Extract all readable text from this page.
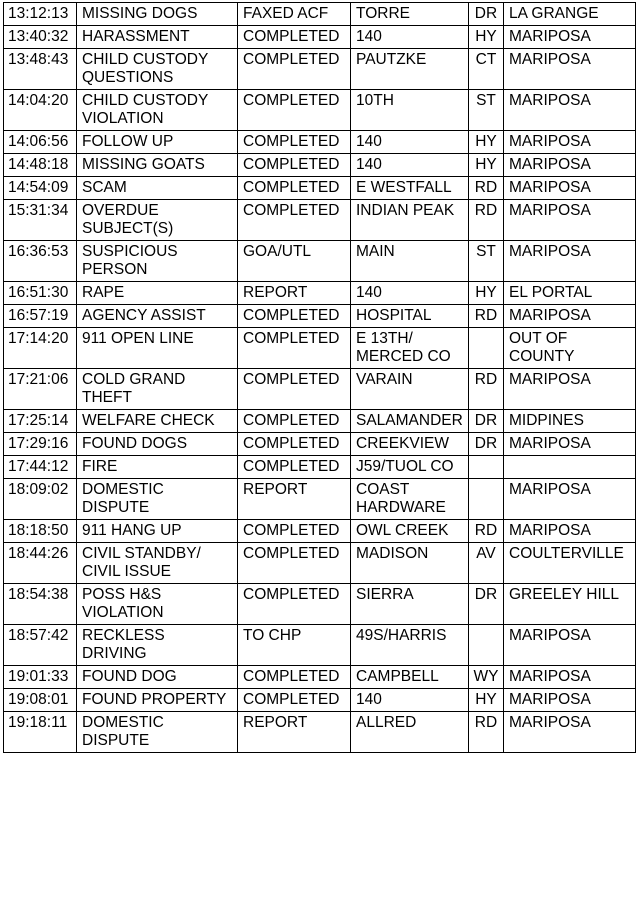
13:12:13	MISSING DOGS	FAXED ACF	TORRE	DR	LA GRANGE
13:40:32	HARASSMENT	COMPLETED	140	HY	MARIPOSA
13:48:43	CHILD CUSTODY
QUESTIONS	COMPLETED	PAUTZKE	CT	MARIPOSA
14:04:20	CHILD CUSTODY
VIOLATION	COMPLETED	10TH	ST	MARIPOSA
14:06:56	FOLLOW UP	COMPLETED	140	HY	MARIPOSA
14:48:18	MISSING GOATS	COMPLETED	140	HY	MARIPOSA
14:54:09	SCAM	COMPLETED	E WESTFALL	RD	MARIPOSA
15:31:34	OVERDUE
SUBJECT(S)	COMPLETED	INDIAN PEAK	RD	MARIPOSA
16:36:53	SUSPICIOUS
PERSON	GOA/UTL	MAIN	ST	MARIPOSA
16:51:30	RAPE	REPORT	140	HY	EL PORTAL
16:57:19	AGENCY ASSIST	COMPLETED	HOSPITAL	RD	MARIPOSA
17:14:20	911 OPEN LINE	COMPLETED	E 13TH/
MERCED CO		OUT OF
COUNTY
17:21:06	COLD GRAND
THEFT	COMPLETED	VARAIN	RD	MARIPOSA
17:25:14	WELFARE CHECK	COMPLETED	SALAMANDER	DR	MIDPINES
17:29:16	FOUND DOGS	COMPLETED	CREEKVIEW	DR	MARIPOSA
17:44:12	FIRE	COMPLETED	J59/TUOL CO		
18:09:02	DOMESTIC
DISPUTE	REPORT	COAST
HARDWARE		MARIPOSA
18:18:50	911 HANG UP	COMPLETED	OWL CREEK	RD	MARIPOSA
18:44:26	CIVIL STANDBY/
CIVIL ISSUE	COMPLETED	MADISON	AV	COULTERVILLE
18:54:38	POSS H&S
VIOLATION	COMPLETED	SIERRA	DR	GREELEY HILL
18:57:42	RECKLESS
DRIVING	TO CHP	49S/HARRIS		MARIPOSA
19:01:33	FOUND DOG	COMPLETED	CAMPBELL	WY	MARIPOSA
19:08:01	FOUND PROPERTY	COMPLETED	140	HY	MARIPOSA
19:18:11	DOMESTIC
DISPUTE	REPORT	ALLRED	RD	MARIPOSA
